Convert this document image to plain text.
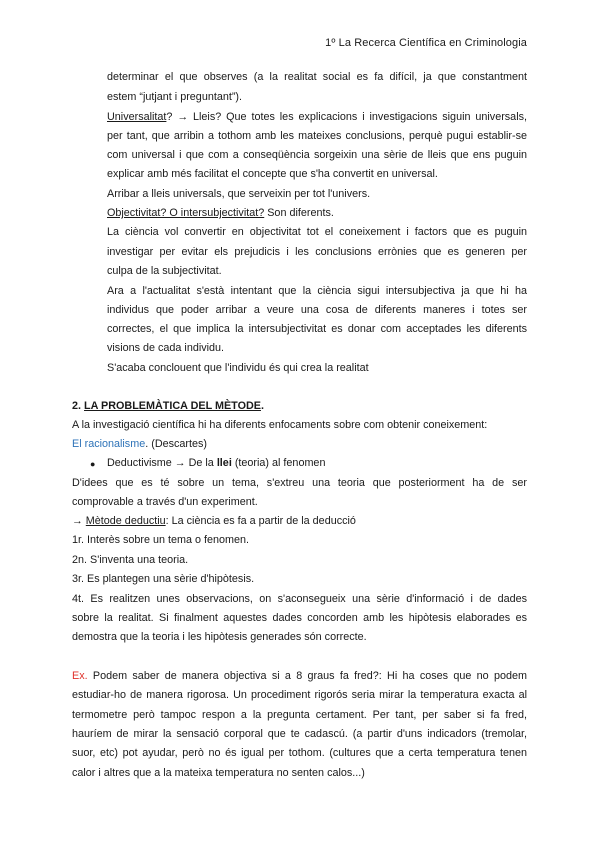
1º La Recerca Científica en Criminologia
determinar el que observes (a la realitat social es fa difícil, ja que constantment
estem “jutjant i preguntant”).
Universalitat? → Lleis? Que totes les explicacions i investigacions siguin universals,
per tant, que arribin a tothom amb les mateixes conclusions, perquè pugui establir-se
com universal i que com a conseqüència sorgeixin una sèrie de lleis que ens puguin
explicar amb més facilitat el concepte que s'ha convertit en universal.
Arribar a lleis universals, que serveixin per tot l'univers.
Objectivitat? O intersubjectivitat? Son diferents.
La ciència vol convertir en objectivitat tot el coneixement i factors que es puguin
investigar per evitar els prejudicis i les conclusions errònies que es generen per
culpa de la subjectivitat.
Ara a l'actualitat s'està intentant que la ciència sigui intersubjectiva ja que hi ha
individus que poder arribar a veure una cosa de diferents maneres i totes ser
correctes, el que implica la intersubjectivitat es donar com acceptades les diferents
visions de cada individu.
S'acaba conclouent que l'individu és qui crea la realitat
2. LA PROBLEMÀTICA DEL MÈTODE.
A la investigació científica hi ha diferents enfocaments sobre com obtenir coneixement:
El racionalisme. (Descartes)
● Deductivisme → De la llei (teoria) al fenomen
D'idees que es té sobre un tema, s'extreu una teoria que posteriorment ha de ser
comprovable a través d'un experiment.
→ Mètode deductiu: La ciència es fa a partir de la deducció
1r. Interès sobre un tema o fenomen.
2n. S'inventa una teoria.
3r. Es plantegen una sèrie d'hipòtesis.
4t. Es realitzen unes observacions, on s'aconsegueix una sèrie d'informació i de dades
sobre la realitat. Si finalment aquestes dades concorden amb les hipòtesis elaborades es
demostra que la teoria i les hipòtesis generades són correcte.
Ex. Podem saber de manera objectiva si a 8 graus fa fred?: Hi ha coses que no podem
estudiar-ho de manera rigorosa. Un procediment rigorós seria mirar la temperatura exacta al
termometre però tampoc respon a la pregunta certament. Per tant, per saber si fa fred,
hauríem de mirar la sensació corporal que te cadascú. (a partir d'uns indicadors (tremolar,
suor, etc) pot ayudar, però no és igual per tothom. (cultures que a certa temperatura tenen
calor i altres que a la mateixa temperatura no senten calos...)
